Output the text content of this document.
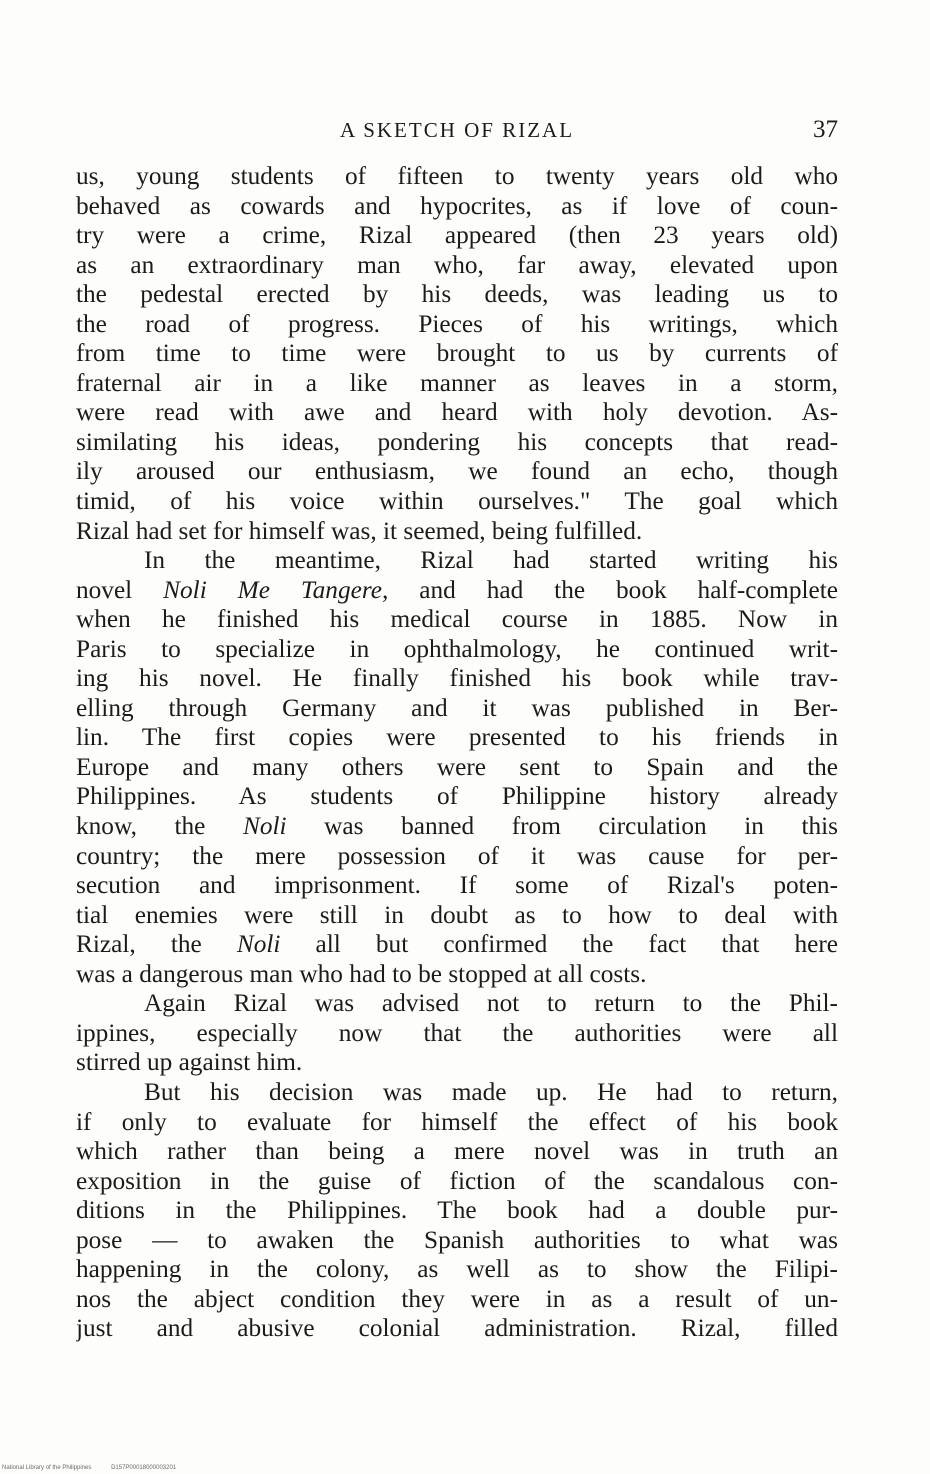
A SKETCH OF RIZAL	37
us, young students of fifteen to twenty years old who
behaved as cowards and hypocrites, as if love of coun-
try were a crime, Rizal appeared (then 23 years old)
as an extraordinary man who, far away, elevated upon
the pedestal erected by his deeds, was leading us to
the road of progress. Pieces of his writings, which
from time to time were brought to us by currents of
fraternal air in a like manner as leaves in a storm,
were read with awe and heard with holy devotion. As-
similating his ideas, pondering his concepts that read-
ily aroused our enthusiasm, we found an echo, though
timid, of his voice within ourselves." The goal which
Rizal had set for himself was, it seemed, being fulfilled.
In the meantime, Rizal had started writing his
novel Noli Me Tangere, and had the book half-complete
when he finished his medical course in 1885. Now in
Paris to specialize in ophthalmology, he continued writ-
ing his novel. He finally finished his book while trav-
elling through Germany and it was published in Ber-
lin. The first copies were presented to his friends in
Europe and many others were sent to Spain and the
Philippines. As students of Philippine history already
know, the Noli was banned from circulation in this
country; the mere possession of it was cause for per-
secution and imprisonment. If some of Rizal's poten-
tial enemies were still in doubt as to how to deal with
Rizal, the Noli all but confirmed the fact that here
was a dangerous man who had to be stopped at all costs.
Again Rizal was advised not to return to the Phil-
ippines, especially now that the authorities were all
stirred up against him.
But his decision was made up. He had to return,
if only to evaluate for himself the effect of his book
which rather than being a mere novel was in truth an
exposition in the guise of fiction of the scandalous con-
ditions in the Philippines. The book had a double pur-
pose — to awaken the Spanish authorities to what was
happening in the colony, as well as to show the Filipi-
nos the abject condition they were in as a result of un-
just and abusive colonial administration. Rizal, filled
National Library of the Philippines	D157P00018000003201
